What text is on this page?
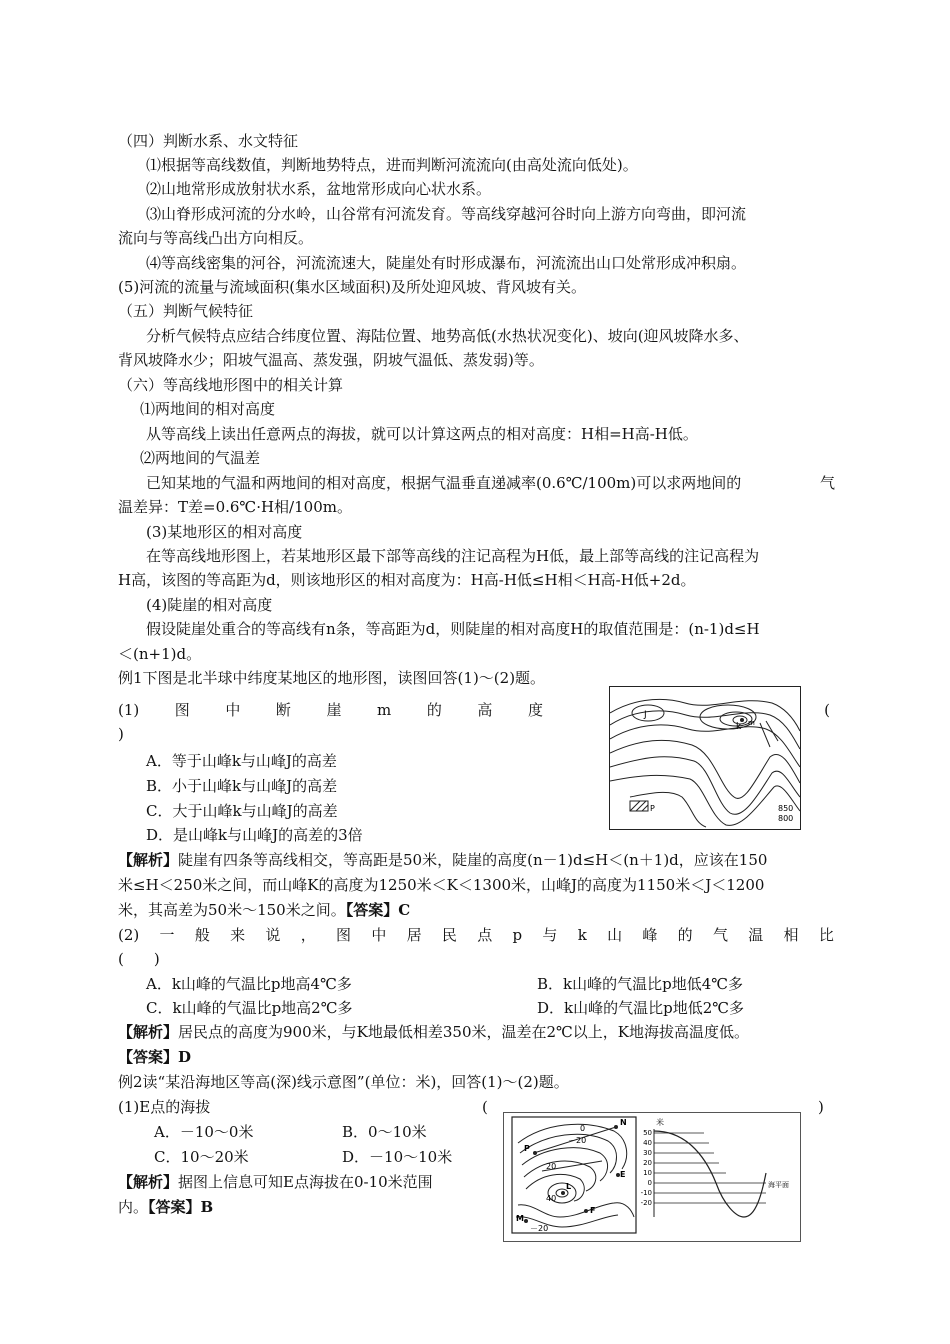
（四）判断水系、水文特征
⑴根据等高线数值，判断地势特点，进而判断河流流向(由高处流向低处)。
⑵山地常形成放射状水系，盆地常形成向心状水系。
⑶山脊形成河流的分水岭，山谷常有河流发育。等高线穿越河谷时向上游方向弯曲，即河流
流向与等高线凸出方向相反。
⑷等高线密集的河谷，河流流速大，陡崖处有时形成瀑布，河流流出山口处常形成冲积扇。
(5)河流的流量与流域面积(集水区域面积)及所处迎风坡、背风坡有关。
（五）判断气候特征
分析气候特点应结合纬度位置、海陆位置、地势高低(水热状况变化)、坡向(迎风坡降水多、
背风坡降水少；阳坡气温高、蒸发强，阴坡气温低、蒸发弱)等。
（六）等高线地形图中的相关计算
⑴两地间的相对高度
从等高线上读出任意两点的海拔，就可以计算这两点的相对高度：H相=H高-H低。
⑵两地间的气温差
已知某地的气温和两地间的相对高度，根据气温垂直递减率(0.6℃/100m)可以求两地间的	气
温差异：T差=0.6℃·H相/100m。
(3)某地形区的相对高度
在等高线地形图上，若某地形区最下部等高线的注记高程为H低，最上部等高线的注记高程为
H高，该图的等高距为d，则该地形区的相对高度为：H高-H低≤H相＜H高-H低+2d。
(4)陡崖的相对高度
假设陡崖处重合的等高线有n条，等高距为d，则陡崖的相对高度H的取值范围是：(n-1)d≤H
＜(n+1)d。
例1下图是北半球中纬度某地区的地形图，读图回答(1)～(2)题。
(1) 图 中 断 崖 m 的 高 度	(
)
A．等于山峰k与山峰J的高差
B．小于山峰k与山峰J的高差
C．大于山峰k与山峰J的高差
D．是山峰k与山峰J的高差的3倍
J
k m
P	850
800
【解析】陡崖有四条等高线相交，等高距是50米，陡崖的高度(n－1)d≤H＜(n＋1)d，应该在150
米≤H＜250米之间，而山峰K的高度为1250米＜K＜1300米，山峰J的高度为1150米＜J＜1200
米，其高差为50米～150米之间。【答案】C
(2) 一 般 来 说 ， 图 中 居 民 点 p 与 k 山 峰 的 气 温 相 比
(　　)
A．k山峰的气温比p地高4℃多	B．k山峰的气温比p地低4℃多
C．k山峰的气温比p地高2℃多	D．k山峰的气温比p地低2℃多
【解析】居民点的高度为900米，与K地最低相差350米，温差在2℃以上，K地海拔高温度低。
【答案】D
例2读“某沿海地区等高(深)线示意图”(单位：米)，回答(1)～(2)题。
(1)E点的海拔	(	)
A．－10～0米	B．0～10米
C．10～20米	D．－10～10米
【解析】据图上信息可知E点海拔在0-10米范围
内。【答案】B
N
P
E
L
F
M
0
－20
20
40
－20
米
50
40
30
20
10
0
-10
-20
海平面
